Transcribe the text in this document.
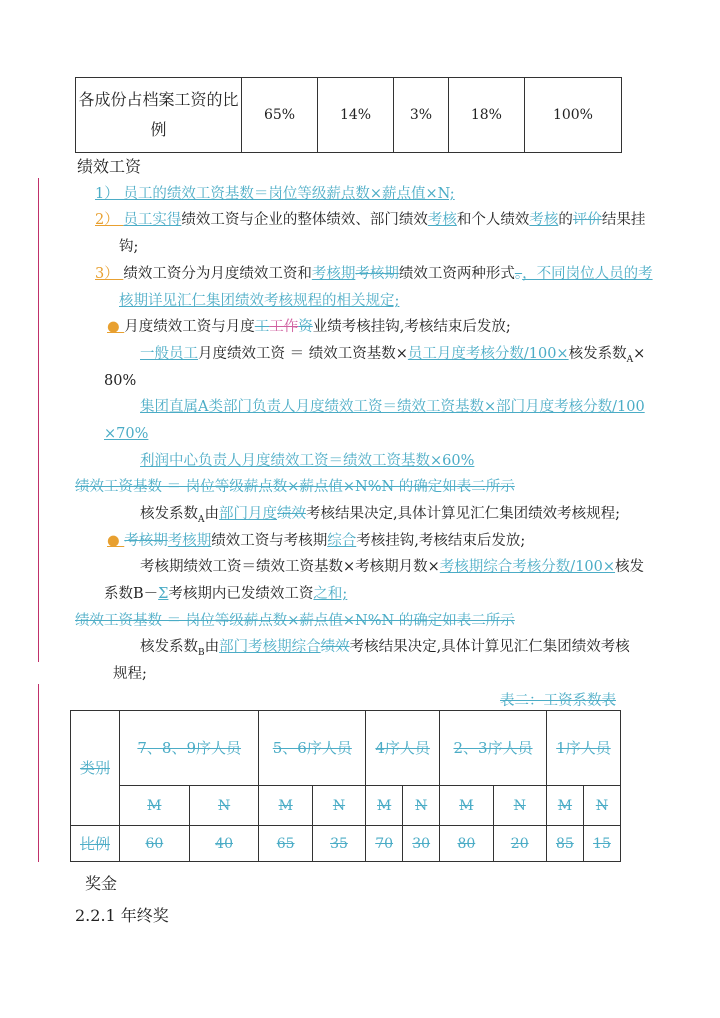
各成份占档案工资的比例	65%	14%	3%	18%	100%
绩效工资
1） 员工的绩效工资基数＝岗位等级薪点数×薪点值×N;
2） 员工实得绩效工资与企业的整体绩效、部门绩效考核和个人绩效考核的评价结果挂
钩;
3） 绩效工资分为月度绩效工资和考核期考核期绩效工资两种形式。，不同岗位人员的考
核期详见汇仁集团绩效考核规程的相关规定;
● 月度绩效工资与月度工工作资业绩考核挂钩,考核结束后发放;
一般员工月度绩效工资 ＝ 绩效工资基数×员工月度考核分数/100×核发系数$_A$×
80%
集团直属A类部门负责人月度绩效工资＝绩效工资基数×部门月度考核分数/100
×70%
利润中心负责人月度绩效工资＝绩效工资基数×60%
绩效工资基数 ＝ 岗位等级薪点数×薪点值×N%N 的确定如表二所示
核发系数$_A$由部门月度绩效考核结果决定,具体计算见汇仁集团绩效考核规程;
● 考核期考核期绩效工资与考核期综合考核挂钩,考核结束后发放;
考核期绩效工资＝绩效工资基数×考核期月数×考核期综合考核分数/100×核发
系数B－Σ考核期内已发绩效工资之和;
绩效工资基数 ＝ 岗位等级薪点数×薪点值×N%N 的确定如表二所示
核发系数$_B$由部门考核期综合绩效考核结果决定,具体计算见汇仁集团绩效考核
规程;
表二：工资系数表
奖金
2.2.1 年终奖
类别	7、8、9序人员		5、6序人员		4序人员		2、3序人员		1序人员	
	M	N	M	N	M	N	M	N	M	N
比例	60	40	65	35	70	30	80	20	85	15
